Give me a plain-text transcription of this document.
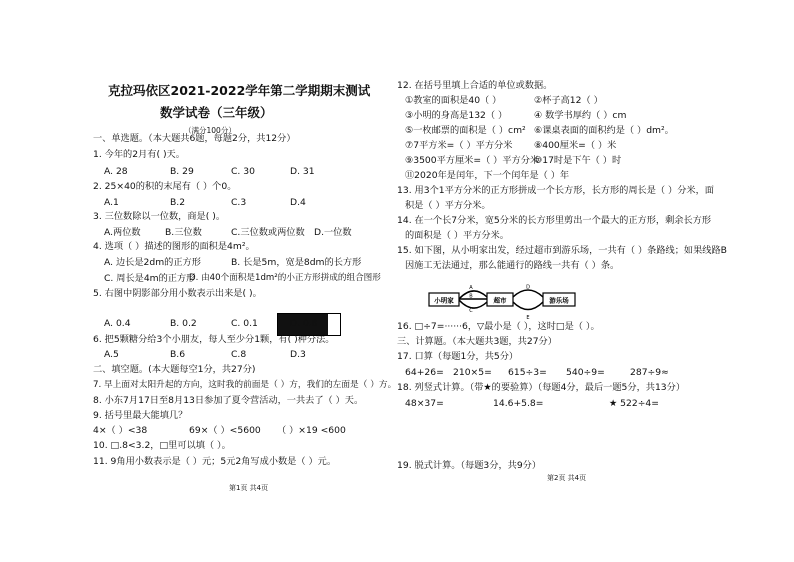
克拉玛依区2021-2022学年第二学期期末测试
数学试卷（三年级）
（满分100分）
一、单选题。（本大题共6题，每题2分，共12分）
1. 今年的2月有( )天。
A. 28	B. 29	C. 30	D. 31
2. 25×40的积的末尾有（ ）个0。
A.1	B.2	C.3	D.4
3. 三位数除以一位数，商是( )。
A.两位数	B.三位数	C.三位数或两位数 D.一位数
4. 选项（ ）描述的图形的面积是4m²。
A. 边长是2dm的正方形	B. 长是5m，宽是8dm的长方形
C. 周长是4m的正方形
D. 由40个面积是1dm²的小正方形拼成的组合图形
5. 右图中阴影部分用小数表示出来是( )。
A. 0.4	B. 0.2	C. 0.1	D. 0.8
6. 把5颗糖分给3个小朋友，每人至少分1颗，有( )种分法。
A.5	B.6	C.8	D.3
二、填空题。(本大题每空1分，共27分)
7. 早上面对太阳升起的方向，这时我的前面是（ ）方，我们的左面是（ ）方。
8. 小东7月17日至8月13日参加了夏令营活动，一共去了（ ）天。
9. 括号里最大能填几？
4×（ ）<38	69×（ ）<5600 （ ）×19 <600
10. □.8<3.2，□里可以填（ ）。
11. 9角用小数表示是（ ）元；5元2角写成小数是（ ）元。
第1页 共4页
12. 在括号里填上合适的单位或数据。
①教室的面积是40（ ）	②杯子高12（ ）
③小明的身高是132（ ）	④ 数学书厚约（ ）cm
⑤一枚邮票的面积是（ ）cm² ⑥课桌表面的面积约是（ ）dm²。
⑦7平方米=（ ）平方分米 ⑧400厘米=（ ）米
⑨3500平方厘米=（ ）平方分米
⑩17时是下午（ ）时
⑪2020年是闰年，下一个闰年是（ ）年
13. 用3个1平方分米的正方形拼成一个长方形，长方形的周长是（ ）分米，面
积是（ ）平方分米。
14. 在一个长7分米，宽5分米的长方形里剪出一个最大的正方形，剩余长方形
的面积是（ ）平方分米。
15. 如下图，从小明家出发，经过超市到游乐场，一共有（ ）条路线；如果线路B
因施工无法通过，那么能通行的路线一共有（ ）条。
小明家
A
B
C
超市
D
E
游乐场
16. □÷7=······6，▽最小是（ ），这时□是（ ）。
三、计算题。（本大题共3题，共27分）
17. 口算（每题1分，共5分）
64+26= 210×5= 615÷3= 540÷9=	287÷9≈
18. 列竖式计算。（带★的要验算）（每题4分，最后一题5分，共13分）
48×37=	14.6+5.8=	★ 522÷4=
19. 脱式计算。（每题3分，共9分）
第2页 共4页
